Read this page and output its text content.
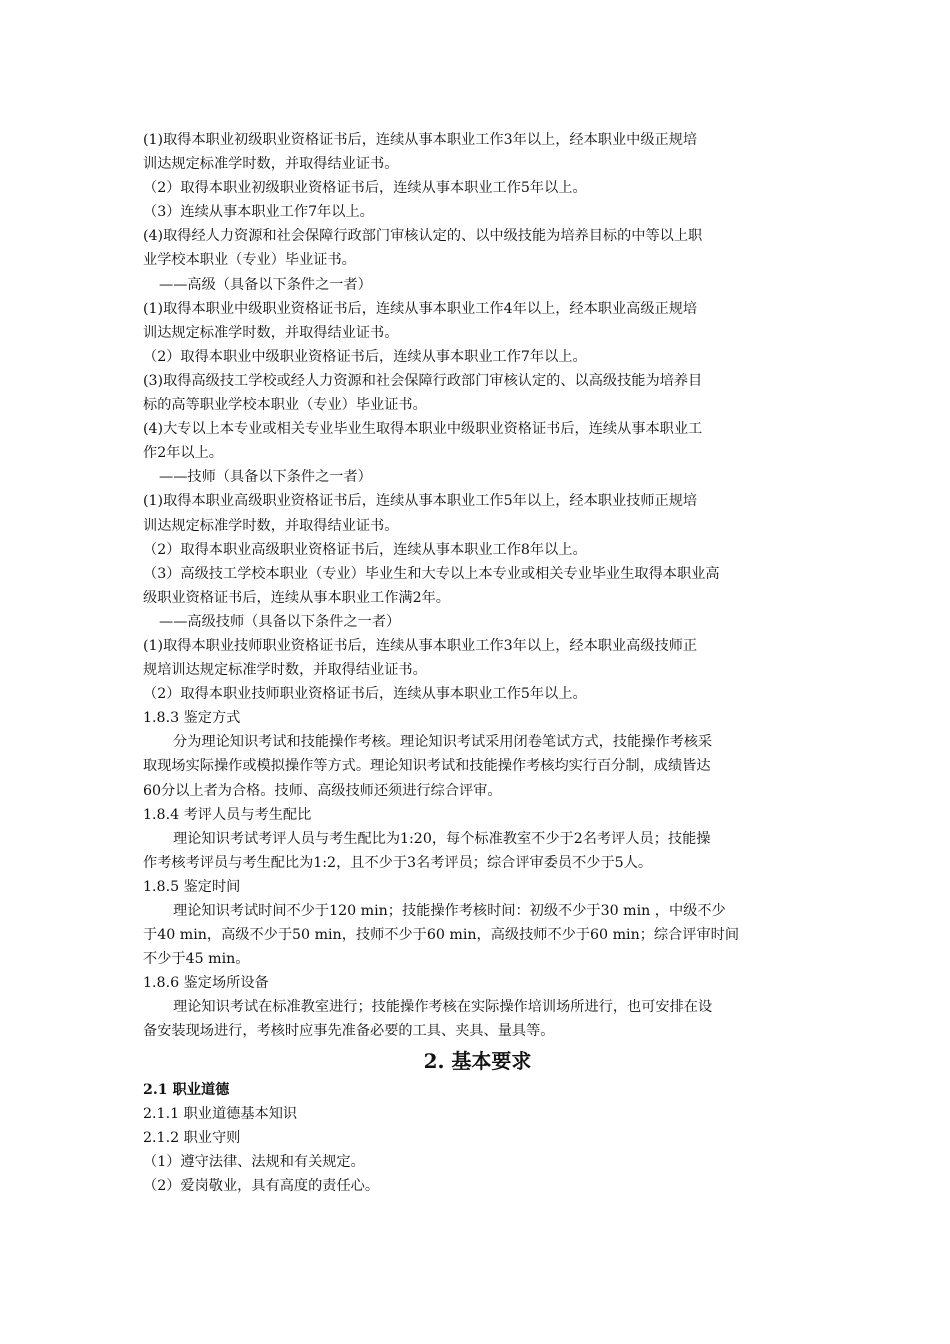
(1)取得本职业初级职业资格证书后，连续从事本职业工作3年以上，经本职业中级正规培
训达规定标准学时数，并取得结业证书。
（2）取得本职业初级职业资格证书后，连续从事本职业工作5年以上。
（3）连续从事本职业工作7年以上。
(4)取得经人力资源和社会保障行政部门审核认定的、以中级技能为培养目标的中等以上职
业学校本职业（专业）毕业证书。
——高级（具备以下条件之一者）
(1)取得本职业中级职业资格证书后，连续从事本职业工作4年以上，经本职业高级正规培
训达规定标准学时数，并取得结业证书。
（2）取得本职业中级职业资格证书后，连续从事本职业工作7年以上。
(3)取得高级技工学校或经人力资源和社会保障行政部门审核认定的、以高级技能为培养目
标的高等职业学校本职业（专业）毕业证书。
(4)大专以上本专业或相关专业毕业生取得本职业中级职业资格证书后，连续从事本职业工
作2年以上。
——技师（具备以下条件之一者）
(1)取得本职业高级职业资格证书后，连续从事本职业工作5年以上，经本职业技师正规培
训达规定标准学时数，并取得结业证书。
（2）取得本职业高级职业资格证书后，连续从事本职业工作8年以上。
（3）高级技工学校本职业（专业）毕业生和大专以上本专业或相关专业毕业生取得本职业高
级职业资格证书后，连续从事本职业工作满2年。
——高级技师（具备以下条件之一者）
(1)取得本职业技师职业资格证书后，连续从事本职业工作3年以上，经本职业高级技师正
规培训达规定标准学时数，并取得结业证书。
（2）取得本职业技师职业资格证书后，连续从事本职业工作5年以上。
1.8.3 鉴定方式
分为理论知识考试和技能操作考核。理论知识考试采用闭卷笔试方式，技能操作考核采
取现场实际操作或模拟操作等方式。理论知识考试和技能操作考核均实行百分制，成绩皆达
60分以上者为合格。技师、高级技师还须进行综合评审。
1.8.4 考评人员与考生配比
理论知识考试考评人员与考生配比为1:20，每个标准教室不少于2名考评人员；技能操
作考核考评员与考生配比为1:2，且不少于3名考评员；综合评审委员不少于5人。
1.8.5 鉴定时间
理论知识考试时间不少于120 min；技能操作考核时间：初级不少于30 min ，中级不少
于40 min，高级不少于50 min，技师不少于60 min，高级技师不少于60 min；综合评审时间
不少于45 min。
1.8.6 鉴定场所设备
理论知识考试在标准教室进行；技能操作考核在实际操作培训场所进行，也可安排在设
备安装现场进行，考核时应事先准备必要的工具、夹具、量具等。
2. 基本要求
2.1 职业道德
2.1.1 职业道德基本知识
2.1.2 职业守则
（1）遵守法律、法规和有关规定。
（2）爱岗敬业，具有高度的责任心。
